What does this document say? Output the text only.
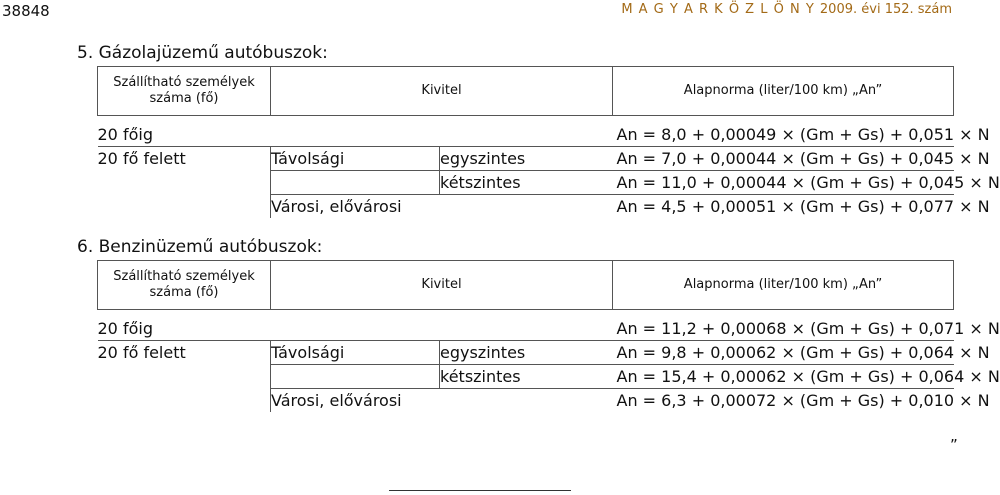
38848	M A G Y A R K Ö Z L Ö N Y 2009. évi 152. szám
5. Gázolajüzemű autóbuszok:
Szállítható személyek száma (fő)	Kivitel		Alapnorma (liter/100 km) „An”

20 főig			An = 8,0 + 0,00049 × (Gm + Gs) + 0,051 × N
20 fő felett	Távolsági	egyszintes	An = 7,0 + 0,00044 × (Gm + Gs) + 0,045 × N
		kétszintes	An = 11,0 + 0,00044 × (Gm + Gs) + 0,045 × N
	Városi, elővárosi		An = 4,5 + 0,00051 × (Gm + Gs) + 0,077 × N
6. Benzinüzemű autóbuszok:
Szállítható személyek száma (fő)	Kivitel		Alapnorma (liter/100 km) „An”

20 főig			An = 11,2 + 0,00068 × (Gm + Gs) + 0,071 × N
20 fő felett	Távolsági	egyszintes	An = 9,8 + 0,00062 × (Gm + Gs) + 0,064 × N
		kétszintes	An = 15,4 + 0,00062 × (Gm + Gs) + 0,064 × N
	Városi, elővárosi		An = 6,3 + 0,00072 × (Gm + Gs) + 0,010 × N
”
